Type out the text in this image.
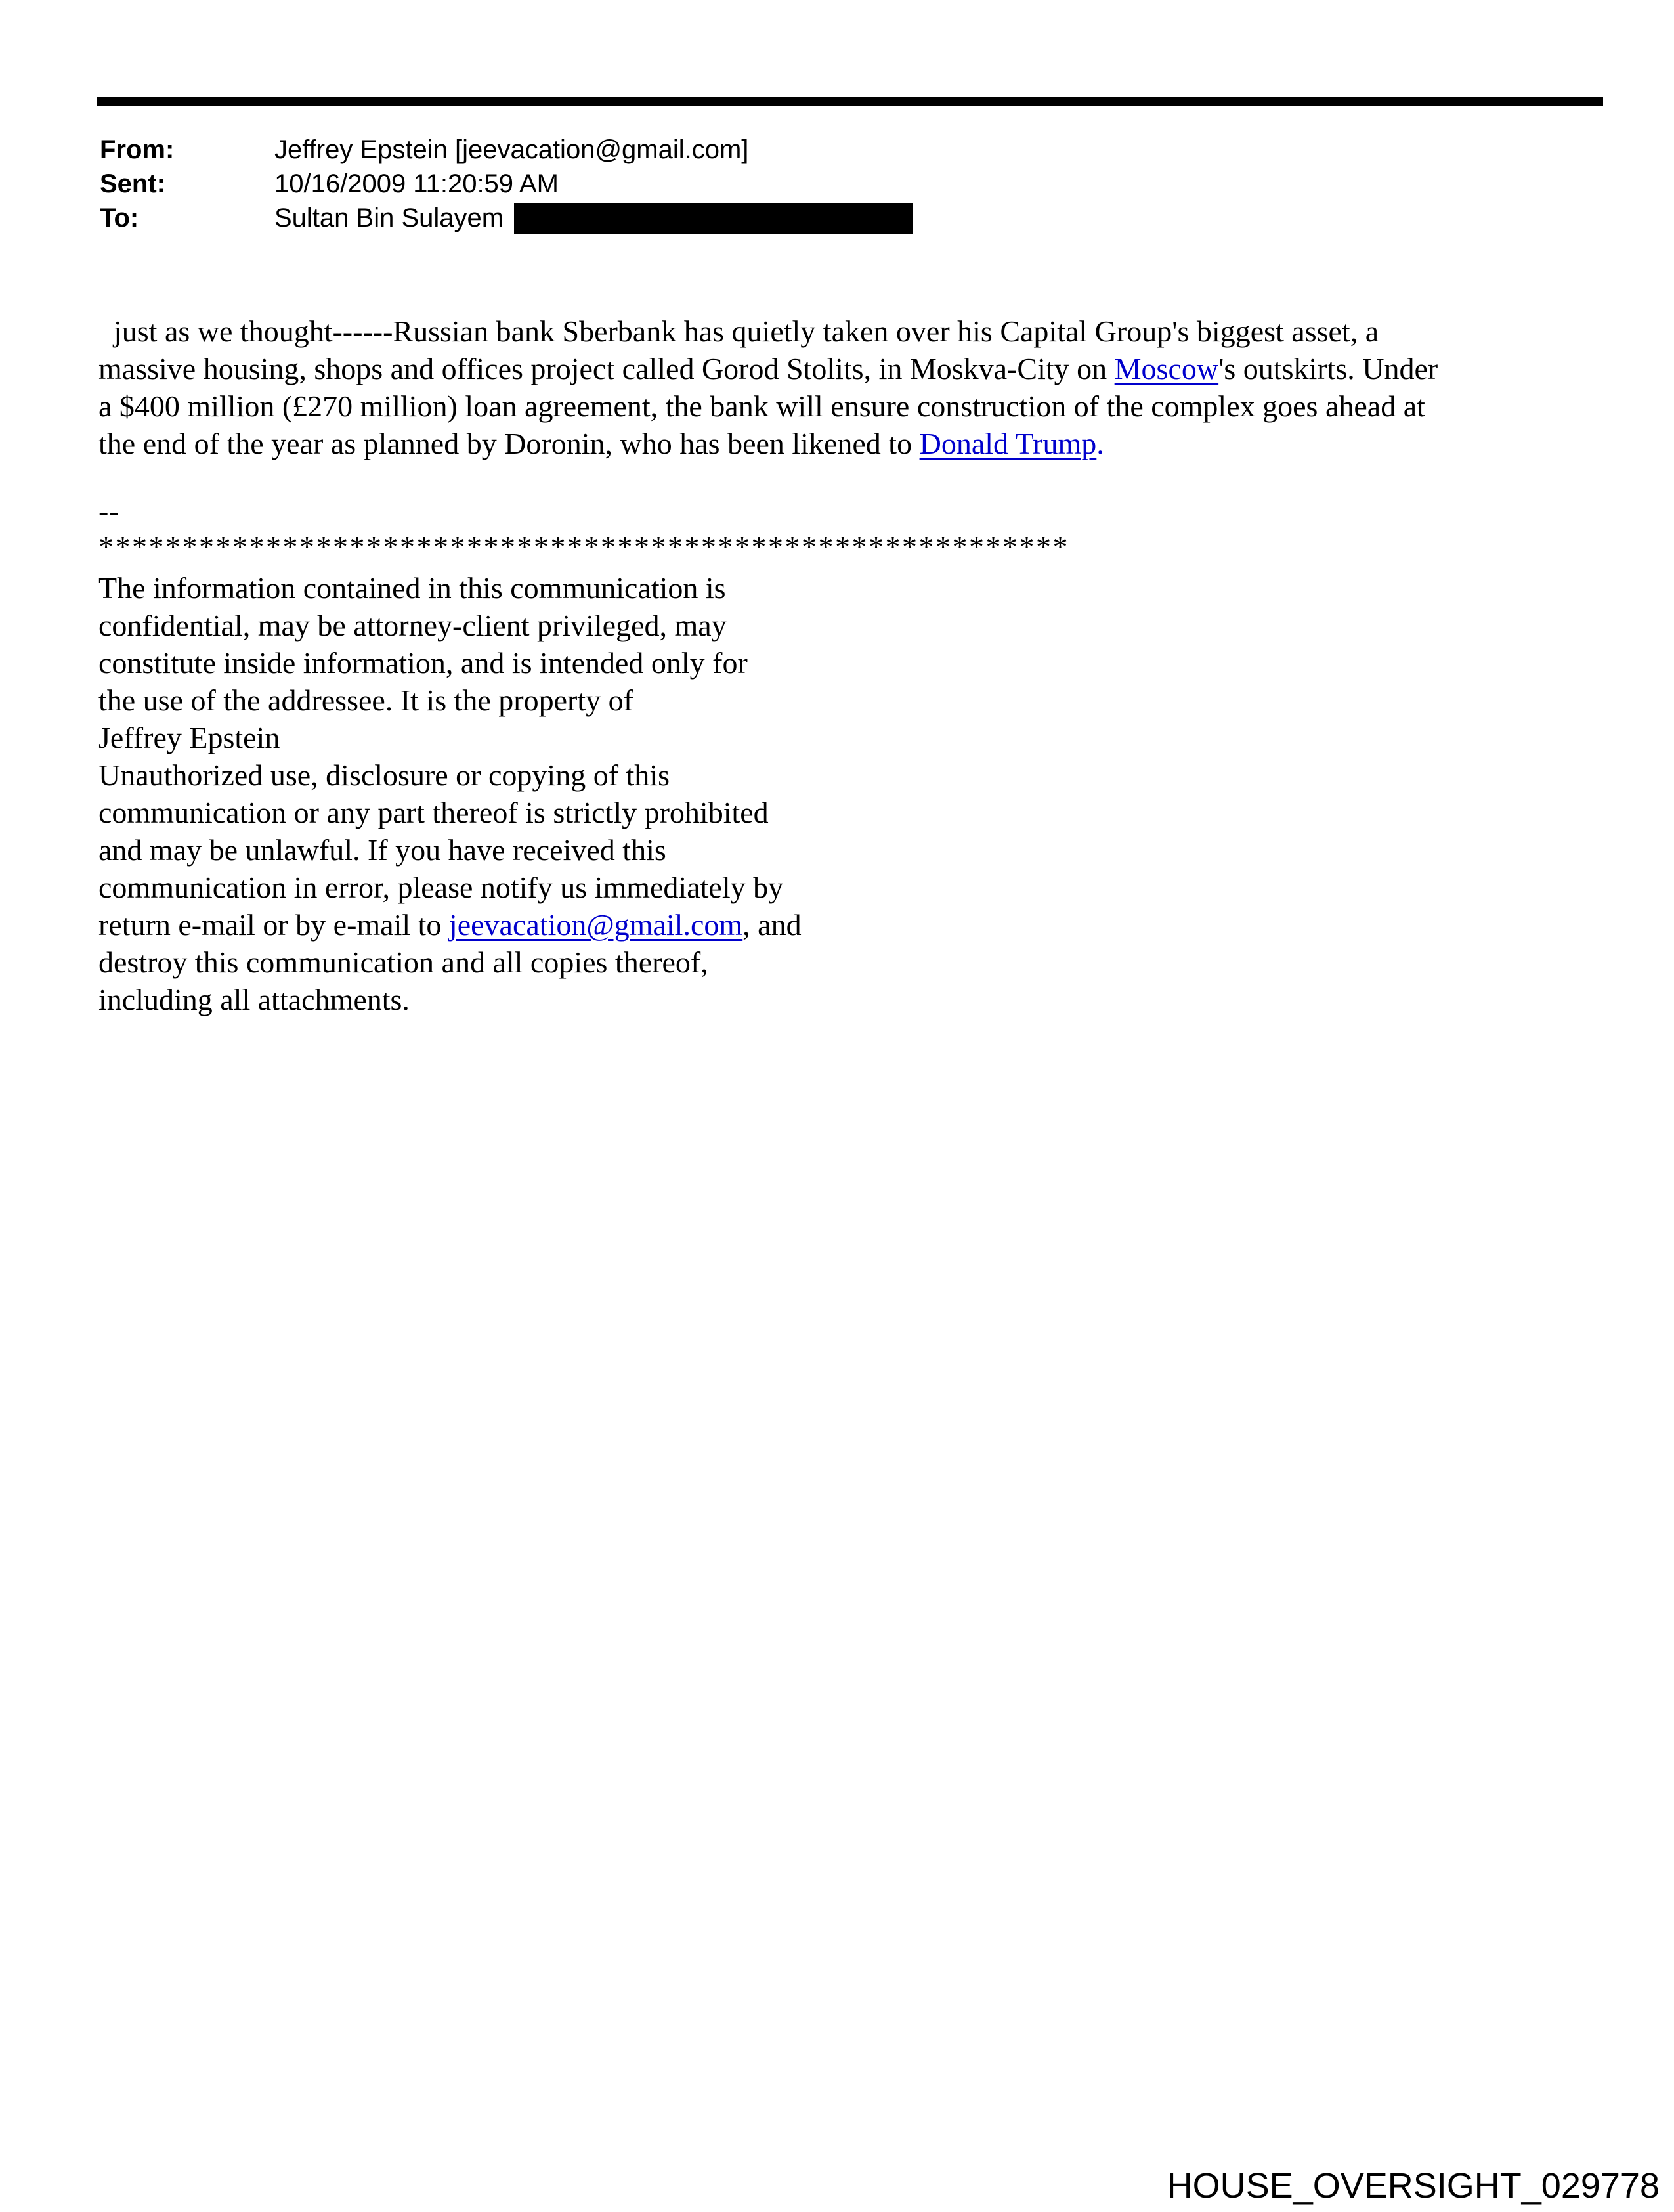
From:	Jeffrey Epstein [jeevacation@gmail.com]
Sent:	10/16/2009 11:20:59 AM
To:	Sultan Bin Sulayem
just as we thought------Russian bank Sberbank has quietly taken over his Capital Group's biggest asset, a
massive housing, shops and offices project called Gorod Stolits, in Moskva-City on Moscow's outskirts. Under
a $400 million (£270 million) loan agreement, the bank will ensure construction of the complex goes ahead at
the end of the year as planned by Doronin, who has been likened to Donald Trump.
--
**********************************************************
The information contained in this communication is
confidential, may be attorney-client privileged, may
constitute inside information, and is intended only for
the use of the addressee. It is the property of
Jeffrey Epstein
Unauthorized use, disclosure or copying of this
communication or any part thereof is strictly prohibited
and may be unlawful. If you have received this
communication in error, please notify us immediately by
return e-mail or by e-mail to jeevacation@gmail.com, and
destroy this communication and all copies thereof,
including all attachments.
HOUSE_OVERSIGHT_029778
